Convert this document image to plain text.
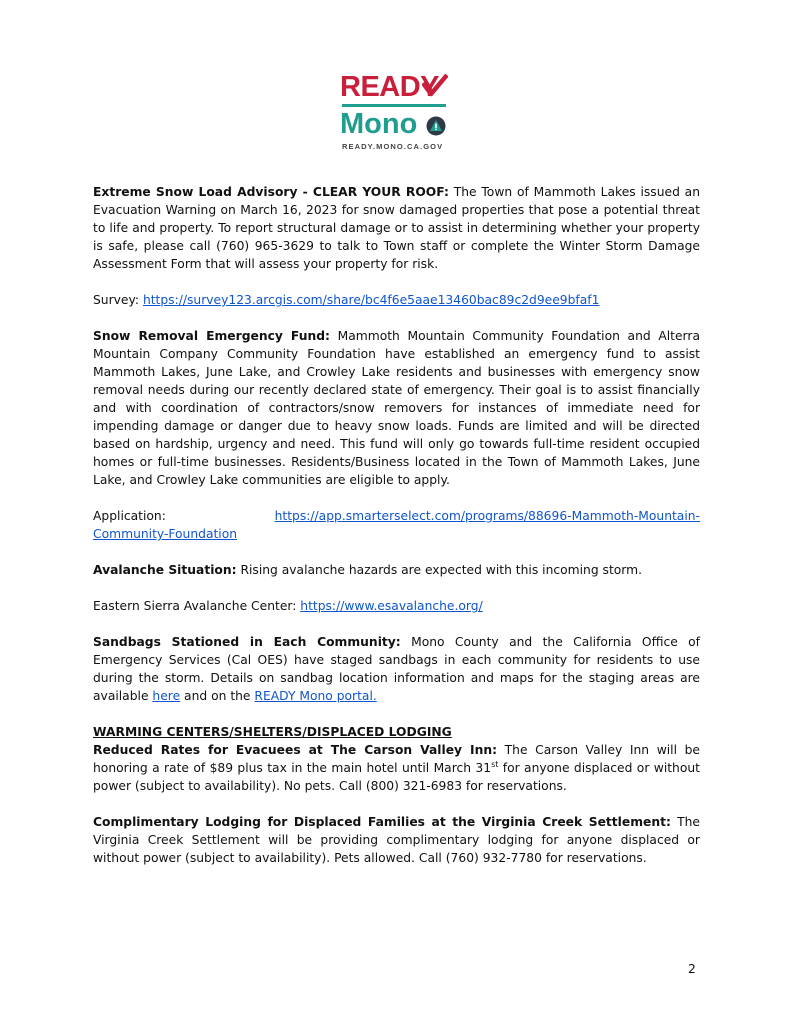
READY
Mono
READY.MONO.CA.GOV

Extreme Snow Load Advisory - CLEAR YOUR ROOF: The Town of Mammoth Lakes issued an Evacuation Warning on March 16, 2023 for snow damaged properties that pose a potential threat to life and property. To report structural damage or to assist in determining whether your property is safe, please call (760) 965-3629 to talk to Town staff or complete the Winter Storm Damage Assessment Form that will assess your property for risk.

Survey: https://survey123.arcgis.com/share/bc4f6e5aae13460bac89c2d9ee9bfaf1

Snow Removal Emergency Fund: Mammoth Mountain Community Foundation and Alterra Mountain Company Community Foundation have established an emergency fund to assist Mammoth Lakes, June Lake, and Crowley Lake residents and businesses with emergency snow removal needs during our recently declared state of emergency. Their goal is to assist financially and with coordination of contractors/snow removers for instances of immediate need for impending damage or danger due to heavy snow loads. Funds are limited and will be directed based on hardship, urgency and need. This fund will only go towards full-time resident occupied homes or full-time businesses. Residents/Business located in the Town of Mammoth Lakes, June Lake, and Crowley Lake communities are eligible to apply.

Application:	https://app.smarterselect.com/programs/88696-Mammoth-Mountain-

Community-Foundation

Avalanche Situation: Rising avalanche hazards are expected with this incoming storm.

Eastern Sierra Avalanche Center: https://www.esavalanche.org/

Sandbags Stationed in Each Community: Mono County and the California Office of Emergency Services (Cal OES) have staged sandbags in each community for residents to use during the storm. Details on sandbag location information and maps for the staging areas are available here and on the READY Mono portal.

WARMING CENTERS/SHELTERS/DISPLACED LODGING

Reduced Rates for Evacuees at The Carson Valley Inn: The Carson Valley Inn will be honoring a rate of $89 plus tax in the main hotel until March 31st for anyone displaced or without power (subject to availability). No pets. Call (800) 321-6983 for reservations.

Complimentary Lodging for Displaced Families at the Virginia Creek Settlement: The Virginia Creek Settlement will be providing complimentary lodging for anyone displaced or without power (subject to availability). Pets allowed. Call (760) 932-7780 for reservations.

2
